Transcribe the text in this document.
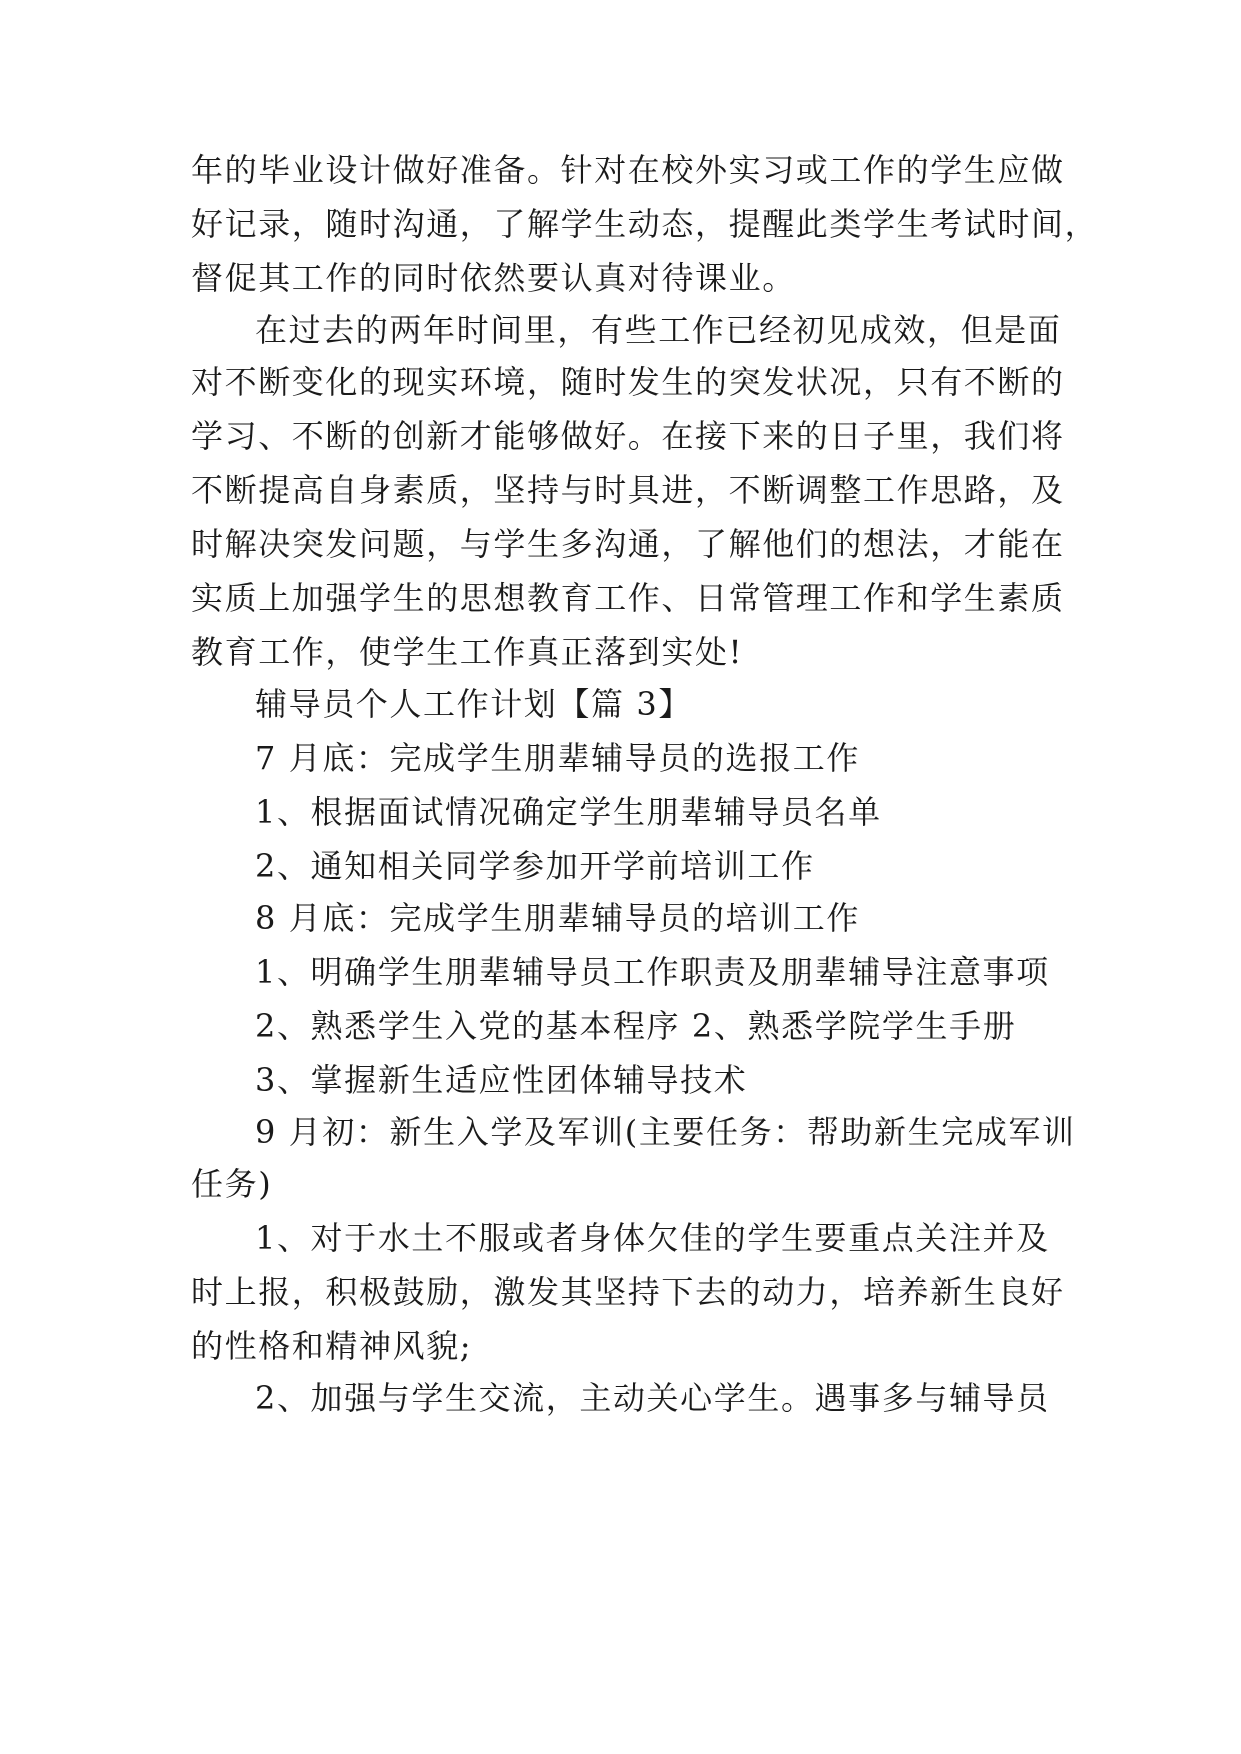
年的毕业设计做好准备。针对在校外实习或工作的学生应做
好记录，随时沟通，了解学生动态，提醒此类学生考试时间，
督促其工作的同时依然要认真对待课业。
在过去的两年时间里，有些工作已经初见成效，但是面
对不断变化的现实环境，随时发生的突发状况，只有不断的
学习、不断的创新才能够做好。在接下来的日子里，我们将
不断提高自身素质，坚持与时具进，不断调整工作思路，及
时解决突发问题，与学生多沟通，了解他们的想法，才能在
实质上加强学生的思想教育工作、日常管理工作和学生素质
教育工作，使学生工作真正落到实处!
辅导员个人工作计划【篇 3】
7 月底：完成学生朋辈辅导员的选报工作
1、根据面试情况确定学生朋辈辅导员名单
2、通知相关同学参加开学前培训工作
8 月底：完成学生朋辈辅导员的培训工作
1、明确学生朋辈辅导员工作职责及朋辈辅导注意事项
2、熟悉学生入党的基本程序 2、熟悉学院学生手册
3、掌握新生适应性团体辅导技术
9 月初：新生入学及军训(主要任务：帮助新生完成军训
任务)
1、对于水土不服或者身体欠佳的学生要重点关注并及
时上报，积极鼓励，激发其坚持下去的动力，培养新生良好
的性格和精神风貌;
2、加强与学生交流，主动关心学生。遇事多与辅导员
